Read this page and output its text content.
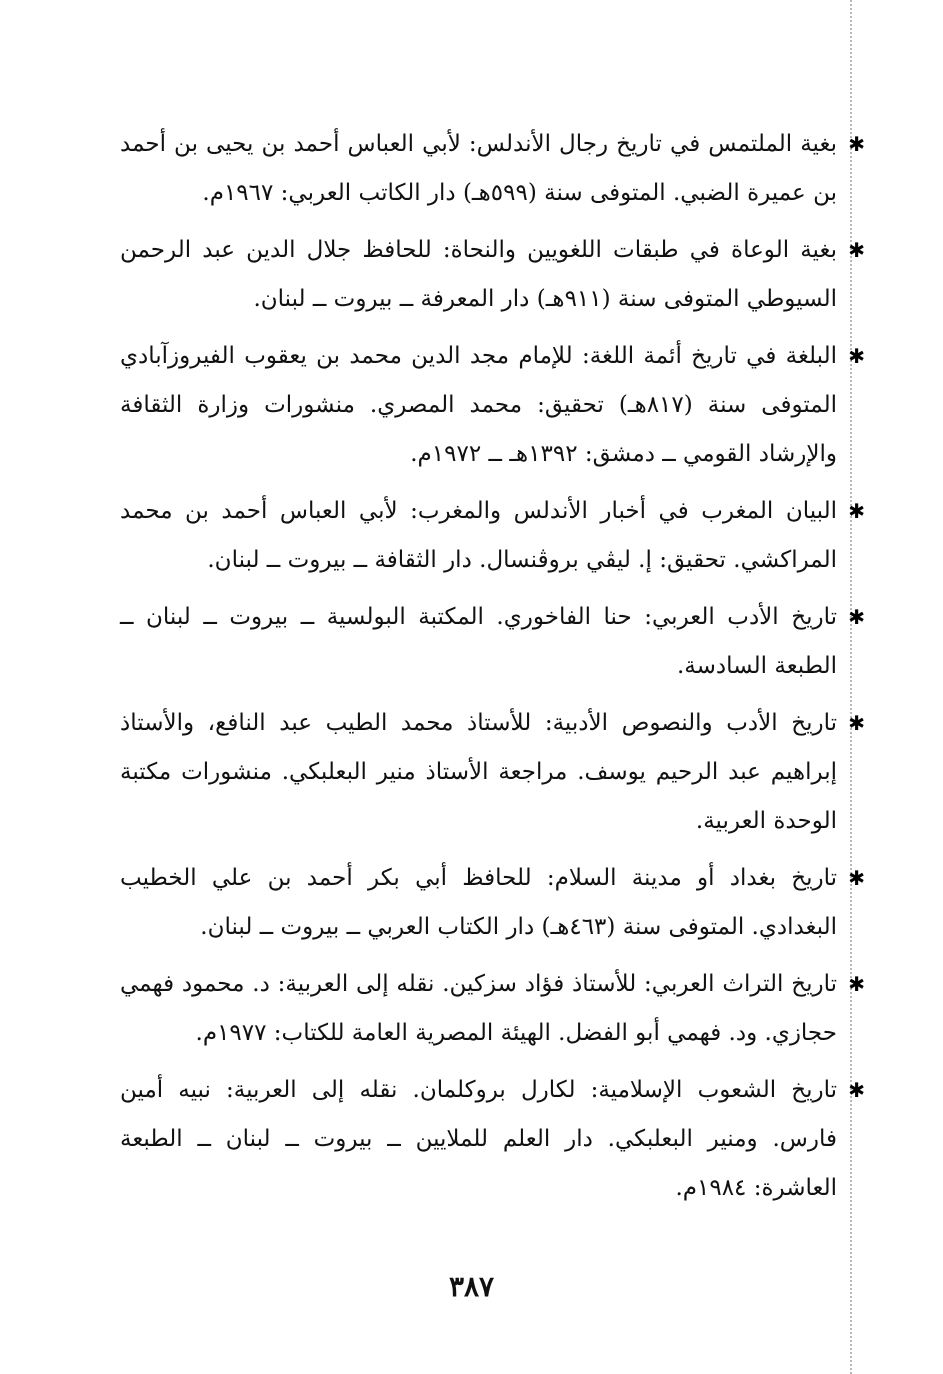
✱
بغية الملتمس في تاريخ رجال الأندلس: لأبي العباس أحمد بن يحيى بن أحمد بن عميرة الضبي. المتوفى سنة (٥٩٩هـ) دار الكاتب العربي: ١٩٦٧م.
✱
بغية الوعاة في طبقات اللغويين والنحاة: للحافظ جلال الدين عبد الرحمن السيوطي المتوفى سنة (٩١١هـ) دار المعرفة ــ بيروت ــ لبنان.
✱
البلغة في تاريخ أئمة اللغة: للإمام مجد الدين محمد بن يعقوب الفيروزآبادي المتوفى سنة (٨١٧هـ) تحقيق: محمد المصري. منشورات وزارة الثقافة والإرشاد القومي ــ دمشق: ١٣٩٢هـ ــ ١٩٧٢م.
✱
البيان المغرب في أخبار الأندلس والمغرب: لأبي العباس أحمد بن محمد المراكشي. تحقيق: إ. ليڤي بروڤنسال. دار الثقافة ــ بيروت ــ لبنان.
✱
تاريخ الأدب العربي: حنا الفاخوري. المكتبة البولسية ــ بيروت ــ لبنان ــ الطبعة السادسة.
✱
تاريخ الأدب والنصوص الأدبية: للأستاذ محمد الطيب عبد النافع، والأستاذ إبراهيم عبد الرحيم يوسف. مراجعة الأستاذ منير البعلبكي. منشورات مكتبة الوحدة العربية.
✱
تاريخ بغداد أو مدينة السلام: للحافظ أبي بكر أحمد بن علي الخطيب البغدادي. المتوفى سنة (٤٦٣هـ) دار الكتاب العربي ــ بيروت ــ لبنان.
✱
تاريخ التراث العربي: للأستاذ فؤاد سزكين. نقله إلى العربية: د. محمود فهمي حجازي. ود. فهمي أبو الفضل. الهيئة المصرية العامة للكتاب: ١٩٧٧م.
✱
تاريخ الشعوب الإسلامية: لكارل بروكلمان. نقله إلى العربية: نبيه أمين فارس. ومنير البعلبكي. دار العلم للملايين ــ بيروت ــ لبنان ــ الطبعة العاشرة: ١٩٨٤م.
٣٨٧
